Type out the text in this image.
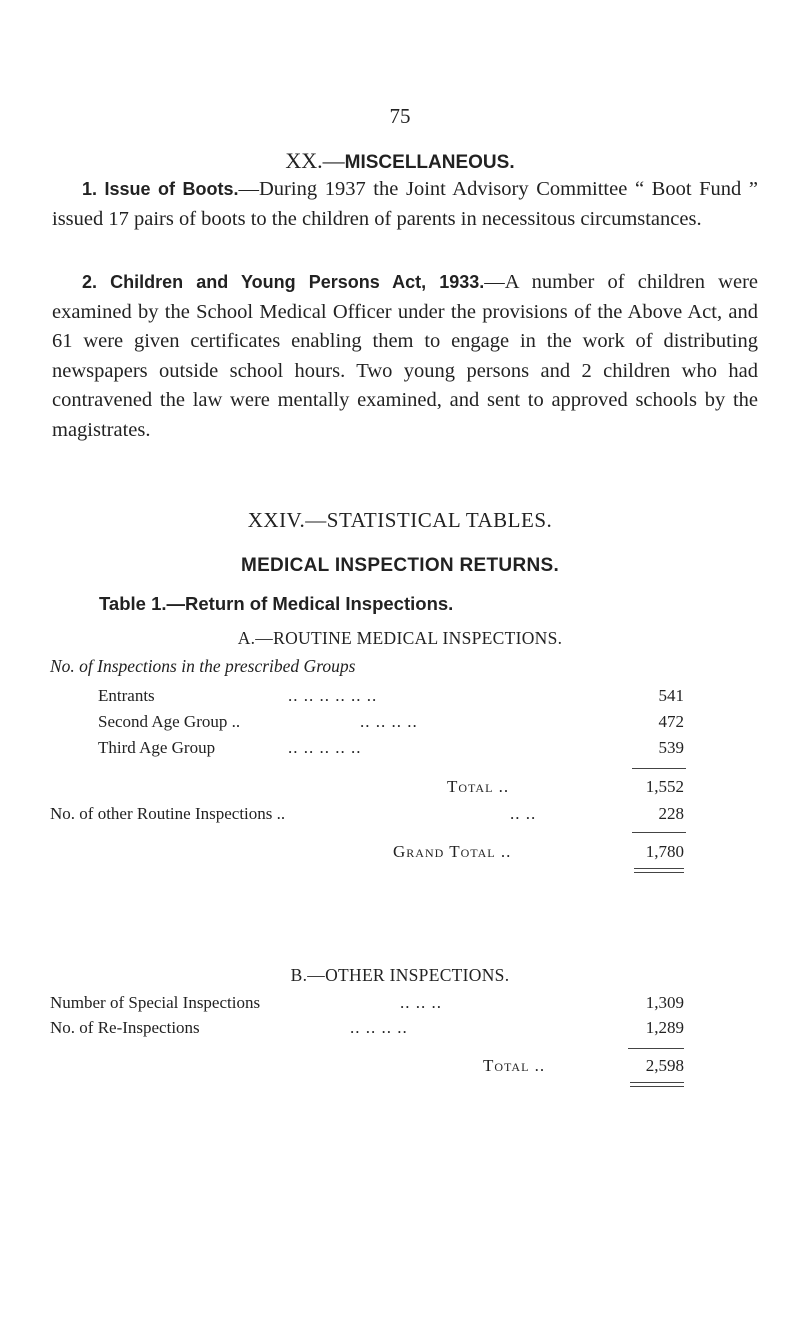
75
XX.—MISCELLANEOUS.
1. Issue of Boots.—During 1937 the Joint Advisory Committee “ Boot Fund ” issued 17 pairs of boots to the children of parents in necessitous circumstances.
2. Children and Young Persons Act, 1933.—A number of children were examined by the School Medical Officer under the provisions of the Above Act, and 61 were given certificates enabling them to engage in the work of distributing newspapers outside school hours. Two young persons and 2 children who had contravened the law were mentally examined, and sent to approved schools by the magistrates.
XXIV.—STATISTICAL TABLES.
MEDICAL INSPECTION RETURNS.
Table 1.—Return of Medical Inspections.
A.—ROUTINE MEDICAL INSPECTIONS.
No. of Inspections in the prescribed Groups
Entrants	.. .. .. .. .. ..	541
Second Age Group ..	.. .. .. ..	472
Third Age Group	.. .. .. .. ..	539
Total ..	1,552
No. of other Routine Inspections ..	.. ..	228
Grand Total ..	1,780
B.—OTHER INSPECTIONS.
Number of Special Inspections	.. .. ..	1,309
No. of Re-Inspections	.. .. .. ..	1,289
Total ..	2,598
